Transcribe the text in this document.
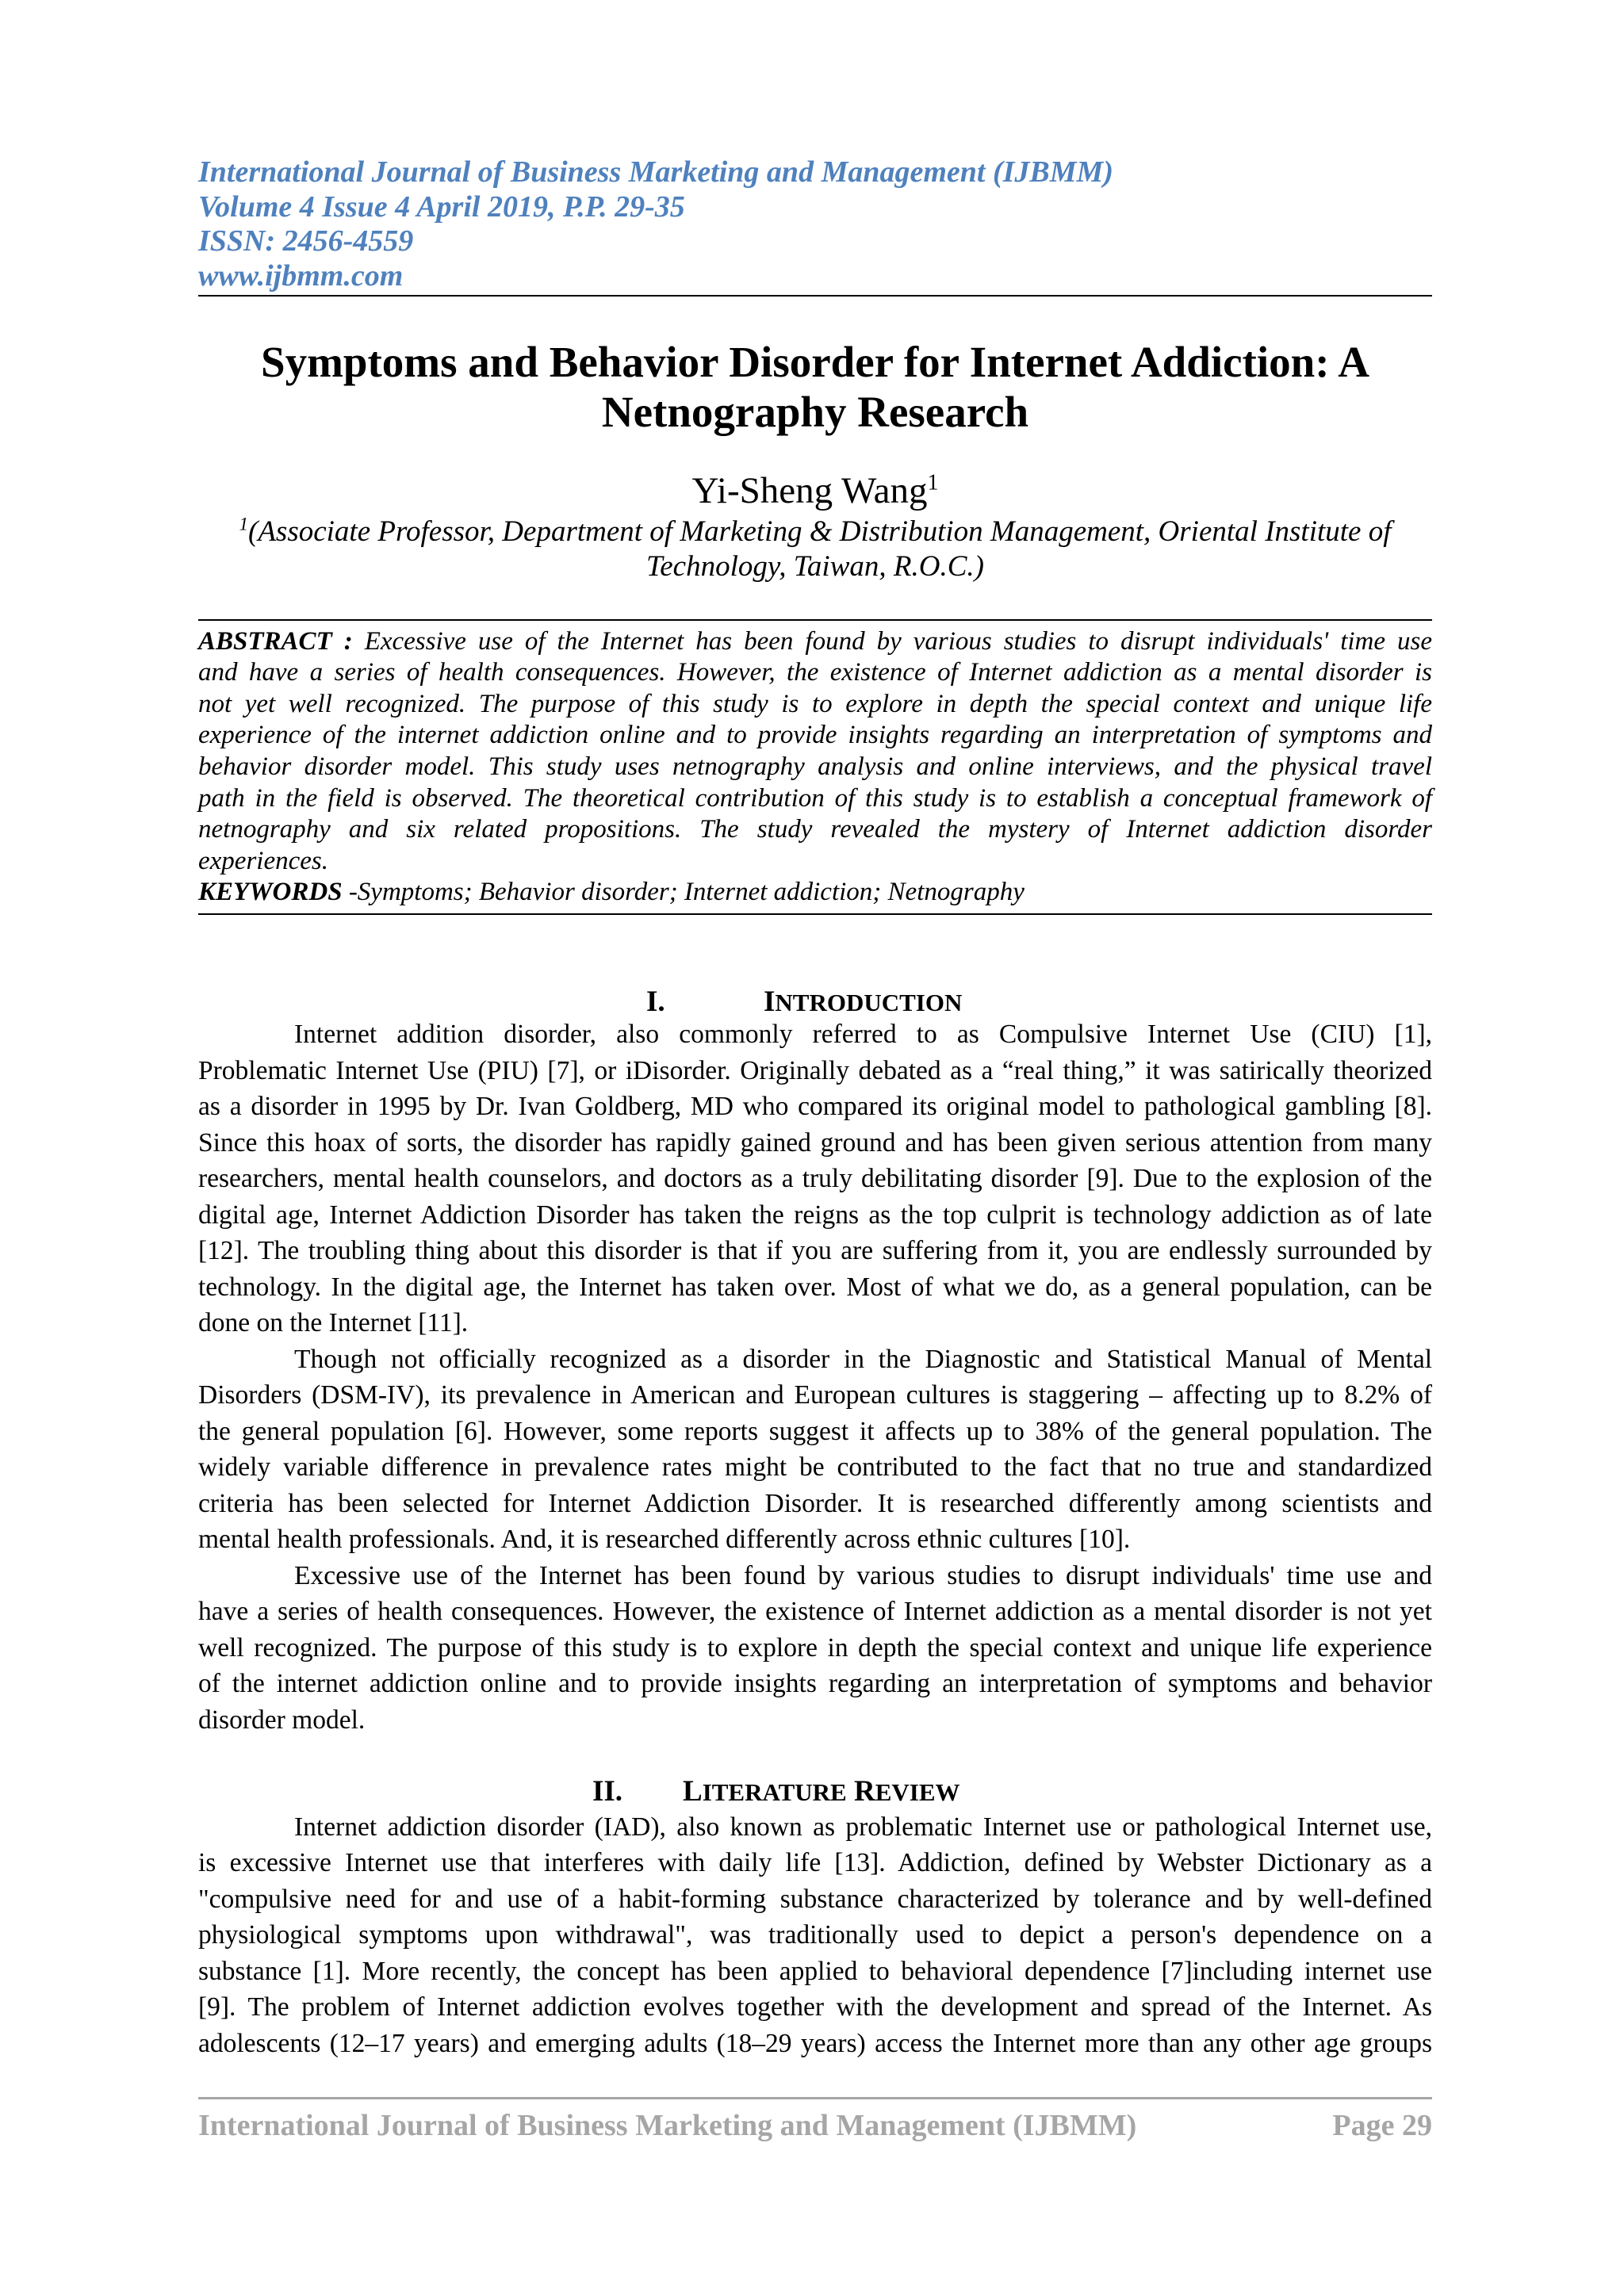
International Journal of Business Marketing and Management (IJBMM)
Volume 4 Issue 4 April 2019, P.P. 29-35
ISSN: 2456-4559
www.ijbmm.com
Symptoms and Behavior Disorder for Internet Addiction: A
Netnography Research
Yi-Sheng Wang$^1$
$^1$(Associate Professor, Department of Marketing & Distribution Management, Oriental Institute of
Technology, Taiwan, R.O.C.)
ABSTRACT : Excessive use of the Internet has been found by various studies to disrupt individuals' time use
and have a series of health consequences. However, the existence of Internet addiction as a mental disorder is
not yet well recognized. The purpose of this study is to explore in depth the special context and unique life
experience of the internet addiction online and to provide insights regarding an interpretation of symptoms and
behavior disorder model. This study uses netnography analysis and online interviews, and the physical travel
path in the field is observed. The theoretical contribution of this study is to establish a conceptual framework of
netnography and six related propositions. The study revealed the mystery of Internet addiction disorder
experiences.
KEYWORDS -Symptoms; Behavior disorder; Internet addiction; Netnography
I.	INTRODUCTION
Internet addition disorder, also commonly referred to as Compulsive Internet Use (CIU) [1],
Problematic Internet Use (PIU) [7], or iDisorder. Originally debated as a “real thing,” it was satirically theorized
as a disorder in 1995 by Dr. Ivan Goldberg, MD who compared its original model to pathological gambling [8].
Since this hoax of sorts, the disorder has rapidly gained ground and has been given serious attention from many
researchers, mental health counselors, and doctors as a truly debilitating disorder [9]. Due to the explosion of the
digital age, Internet Addiction Disorder has taken the reigns as the top culprit is technology addiction as of late
[12]. The troubling thing about this disorder is that if you are suffering from it, you are endlessly surrounded by
technology. In the digital age, the Internet has taken over. Most of what we do, as a general population, can be
done on the Internet [11].
Though not officially recognized as a disorder in the Diagnostic and Statistical Manual of Mental
Disorders (DSM-IV), its prevalence in American and European cultures is staggering – affecting up to 8.2% of
the general population [6]. However, some reports suggest it affects up to 38% of the general population. The
widely variable difference in prevalence rates might be contributed to the fact that no true and standardized
criteria has been selected for Internet Addiction Disorder. It is researched differently among scientists and
mental health professionals. And, it is researched differently across ethnic cultures [10].
Excessive use of the Internet has been found by various studies to disrupt individuals' time use and
have a series of health consequences. However, the existence of Internet addiction as a mental disorder is not yet
well recognized. The purpose of this study is to explore in depth the special context and unique life experience
of the internet addiction online and to provide insights regarding an interpretation of symptoms and behavior
disorder model.
II. LITERATURE REVIEW
Internet addiction disorder (IAD), also known as problematic Internet use or pathological Internet use,
is excessive Internet use that interferes with daily life [13]. Addiction, defined by Webster Dictionary as a
"compulsive need for and use of a habit-forming substance characterized by tolerance and by well-defined
physiological symptoms upon withdrawal", was traditionally used to depict a person's dependence on a
substance [1]. More recently, the concept has been applied to behavioral dependence [7]including internet use
[9]. The problem of Internet addiction evolves together with the development and spread of the Internet. As
adolescents (12–17 years) and emerging adults (18–29 years) access the Internet more than any other age groups
International Journal of Business Marketing and Management (IJBMM)	Page 29
